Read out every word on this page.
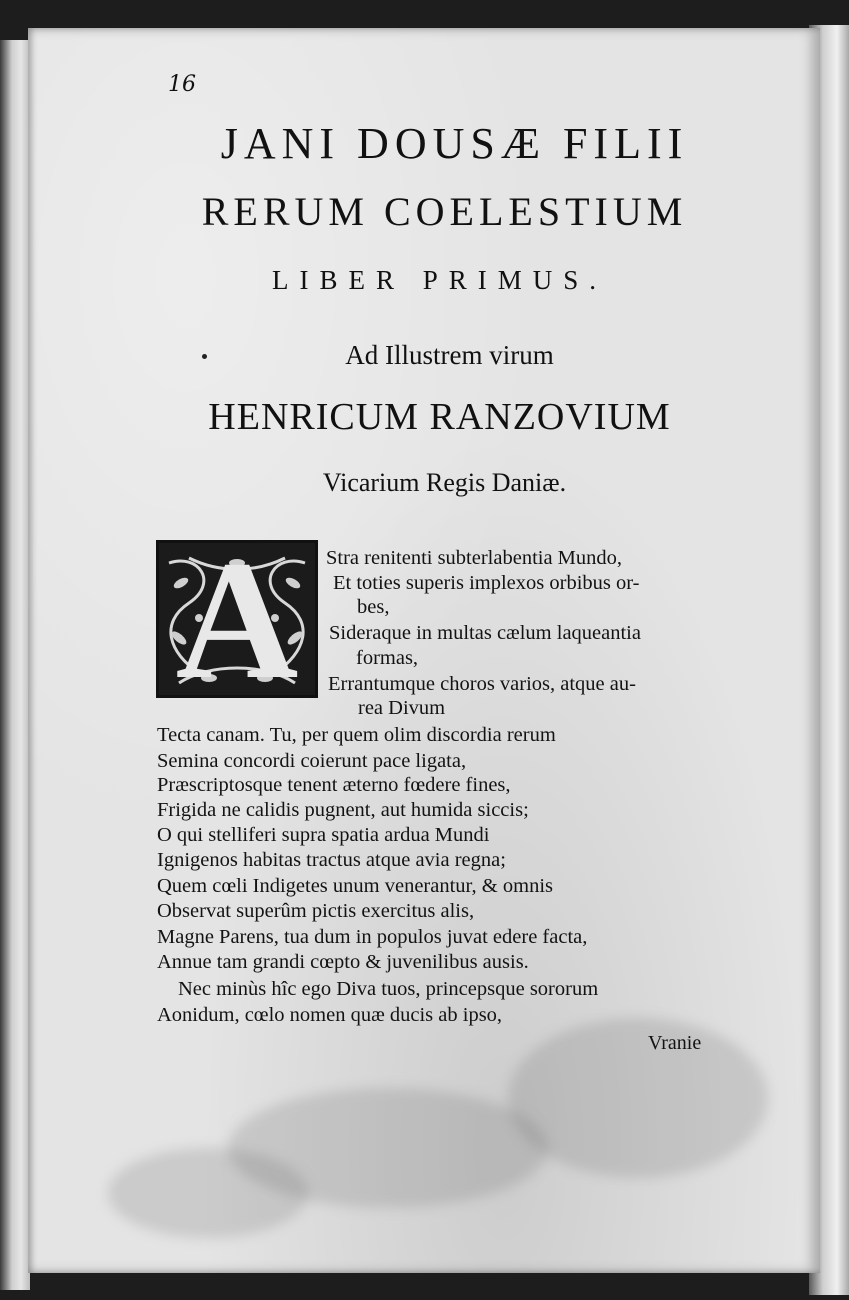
16
JANI DOUSÆ FILII
RERUM COELESTIUM
LIBER PRIMUS.
Ad Illustrem virum
HENRICUM RANZOVIUM
Vicarium Regis Daniæ.
A	Stra renitenti subterlabentia Mundo,
Et toties superis implexos orbibus or-
bes,
Sideraque in multas cælum laqueantia
formas,
Errantumque choros varios, atque au-
rea Divum
Tecta canam. Tu, per quem olim discordia rerum
Semina concordi coierunt pace ligata,
Præscriptosque tenent æterno fœdere fines,
Frigida ne calidis pugnent, aut humida siccis;
O qui stelliferi supra spatia ardua Mundi
Ignigenos habitas tractus atque avia regna;
Quem cœli Indigetes unum venerantur, & omnis
Observat superûm pictis exercitus alis,
Magne Parens, tua dum in populos juvat edere facta,
Annue tam grandi cœpto & juvenilibus ausis.
Nec minùs hîc ego Diva tuos, princepsque sororum
Aonidum, cœlo nomen quæ ducis ab ipso,
Vranie
